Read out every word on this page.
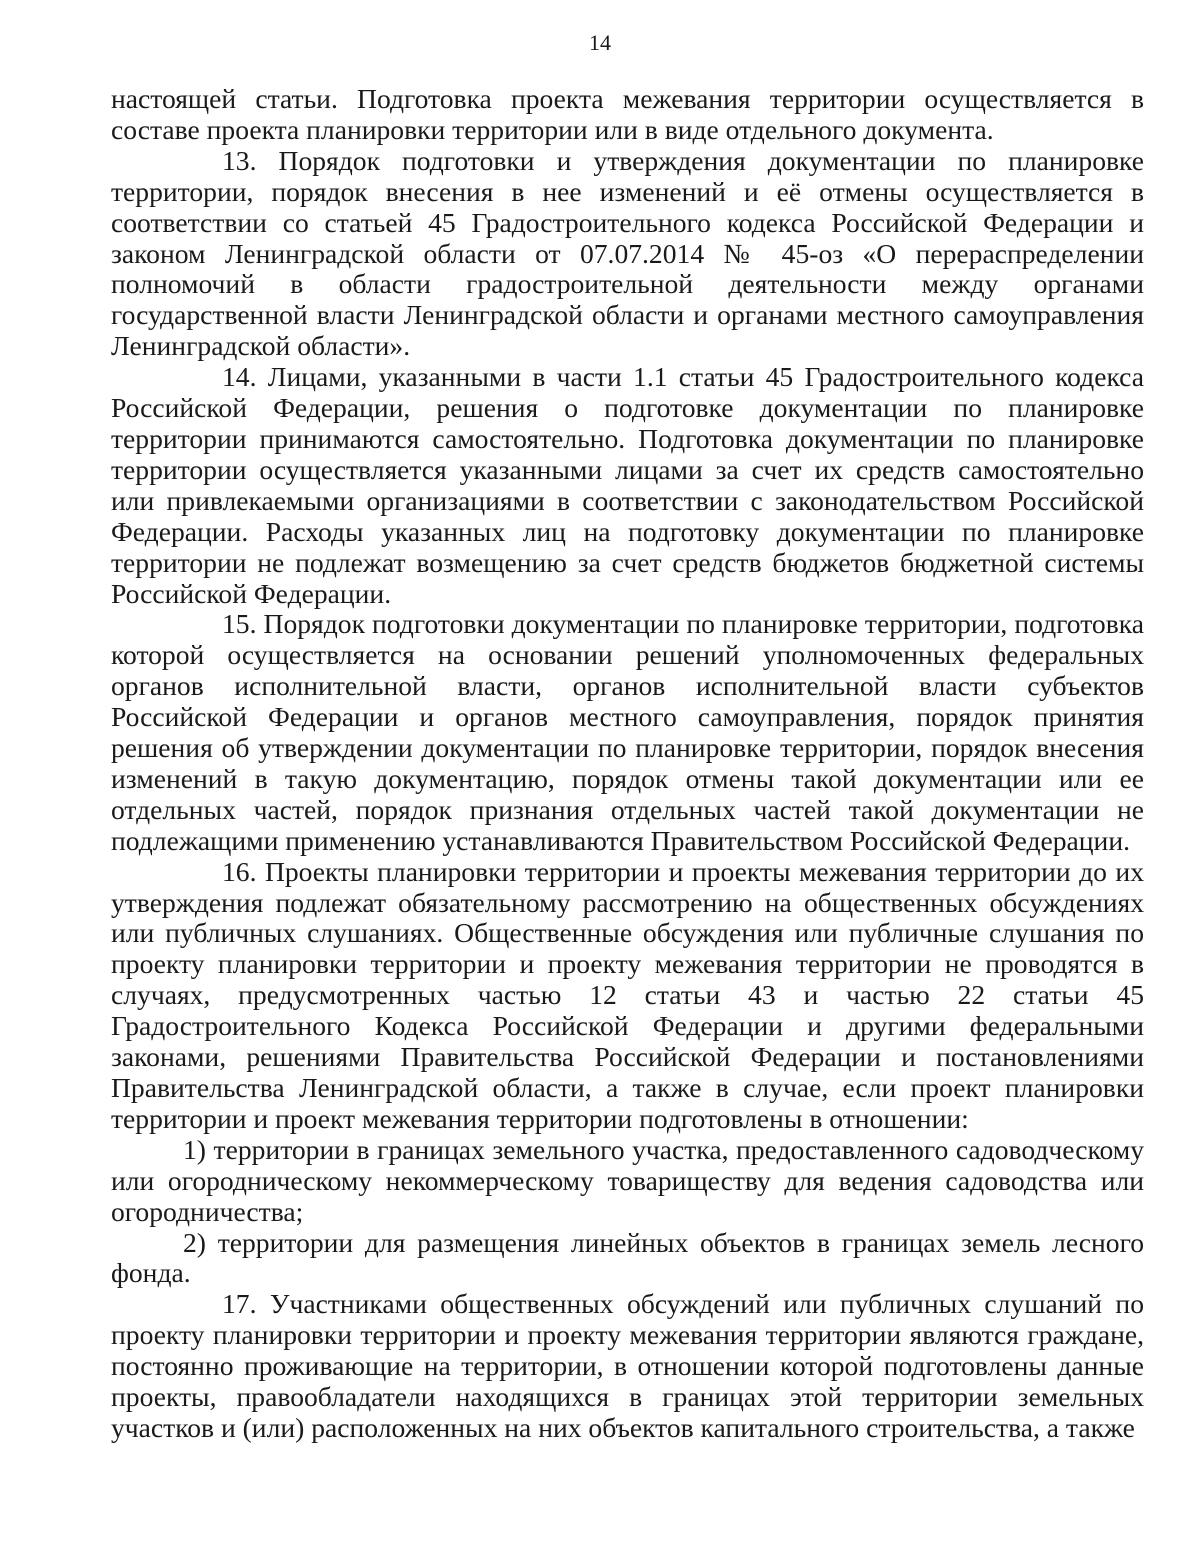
14

настоящей статьи. Подготовка проекта межевания территории осуществляется в составе проекта планировки территории или в виде отдельного документа.

13. Порядок подготовки и утверждения документации по планировке территории, порядок внесения в нее изменений и её отмены осуществляется в соответствии со статьей 45 Градостроительного кодекса Российской Федерации и законом Ленинградской области от 07.07.2014 № 45-оз «О перераспределении полномочий в области градостроительной деятельности между органами государственной власти Ленинградской области и органами местного самоуправления Ленинградской области».

14. Лицами, указанными в части 1.1 статьи 45 Градостроительного кодекса Российской Федерации, решения о подготовке документации по планировке территории принимаются самостоятельно. Подготовка документации по планировке территории осуществляется указанными лицами за счет их средств самостоятельно или привлекаемыми организациями в соответствии с законодательством Российской Федерации. Расходы указанных лиц на подготовку документации по планировке территории не подлежат возмещению за счет средств бюджетов бюджетной системы Российской Федерации.

15. Порядок подготовки документации по планировке территории, подготовка которой осуществляется на основании решений уполномоченных федеральных органов исполнительной власти, органов исполнительной власти субъектов Российской Федерации и органов местного самоуправления, порядок принятия решения об утверждении документации по планировке территории, порядок внесения изменений в такую документацию, порядок отмены такой документации или ее отдельных частей, порядок признания отдельных частей такой документации не подлежащими применению устанавливаются Правительством Российской Федерации.

16. Проекты планировки территории и проекты межевания территории до их утверждения подлежат обязательному рассмотрению на общественных обсуждениях или публичных слушаниях. Общественные обсуждения или публичные слушания по проекту планировки территории и проекту межевания территории не проводятся в случаях, предусмотренных частью 12 статьи 43 и частью 22 статьи 45 Градостроительного Кодекса Российской Федерации и другими федеральными законами, решениями Правительства Российской Федерации и постановлениями Правительства Ленинградской области, а также в случае, если проект планировки территории и проект межевания территории подготовлены в отношении:

1) территории в границах земельного участка, предоставленного садоводческому или огородническому некоммерческому товариществу для ведения садоводства или огородничества;

2) территории для размещения линейных объектов в границах земель лесного фонда.

17. Участниками общественных обсуждений или публичных слушаний по проекту планировки территории и проекту межевания территории являются граждане, постоянно проживающие на территории, в отношении которой подготовлены данные проекты, правообладатели находящихся в границах этой территории земельных участков и (или) расположенных на них объектов капитального строительства, а также
